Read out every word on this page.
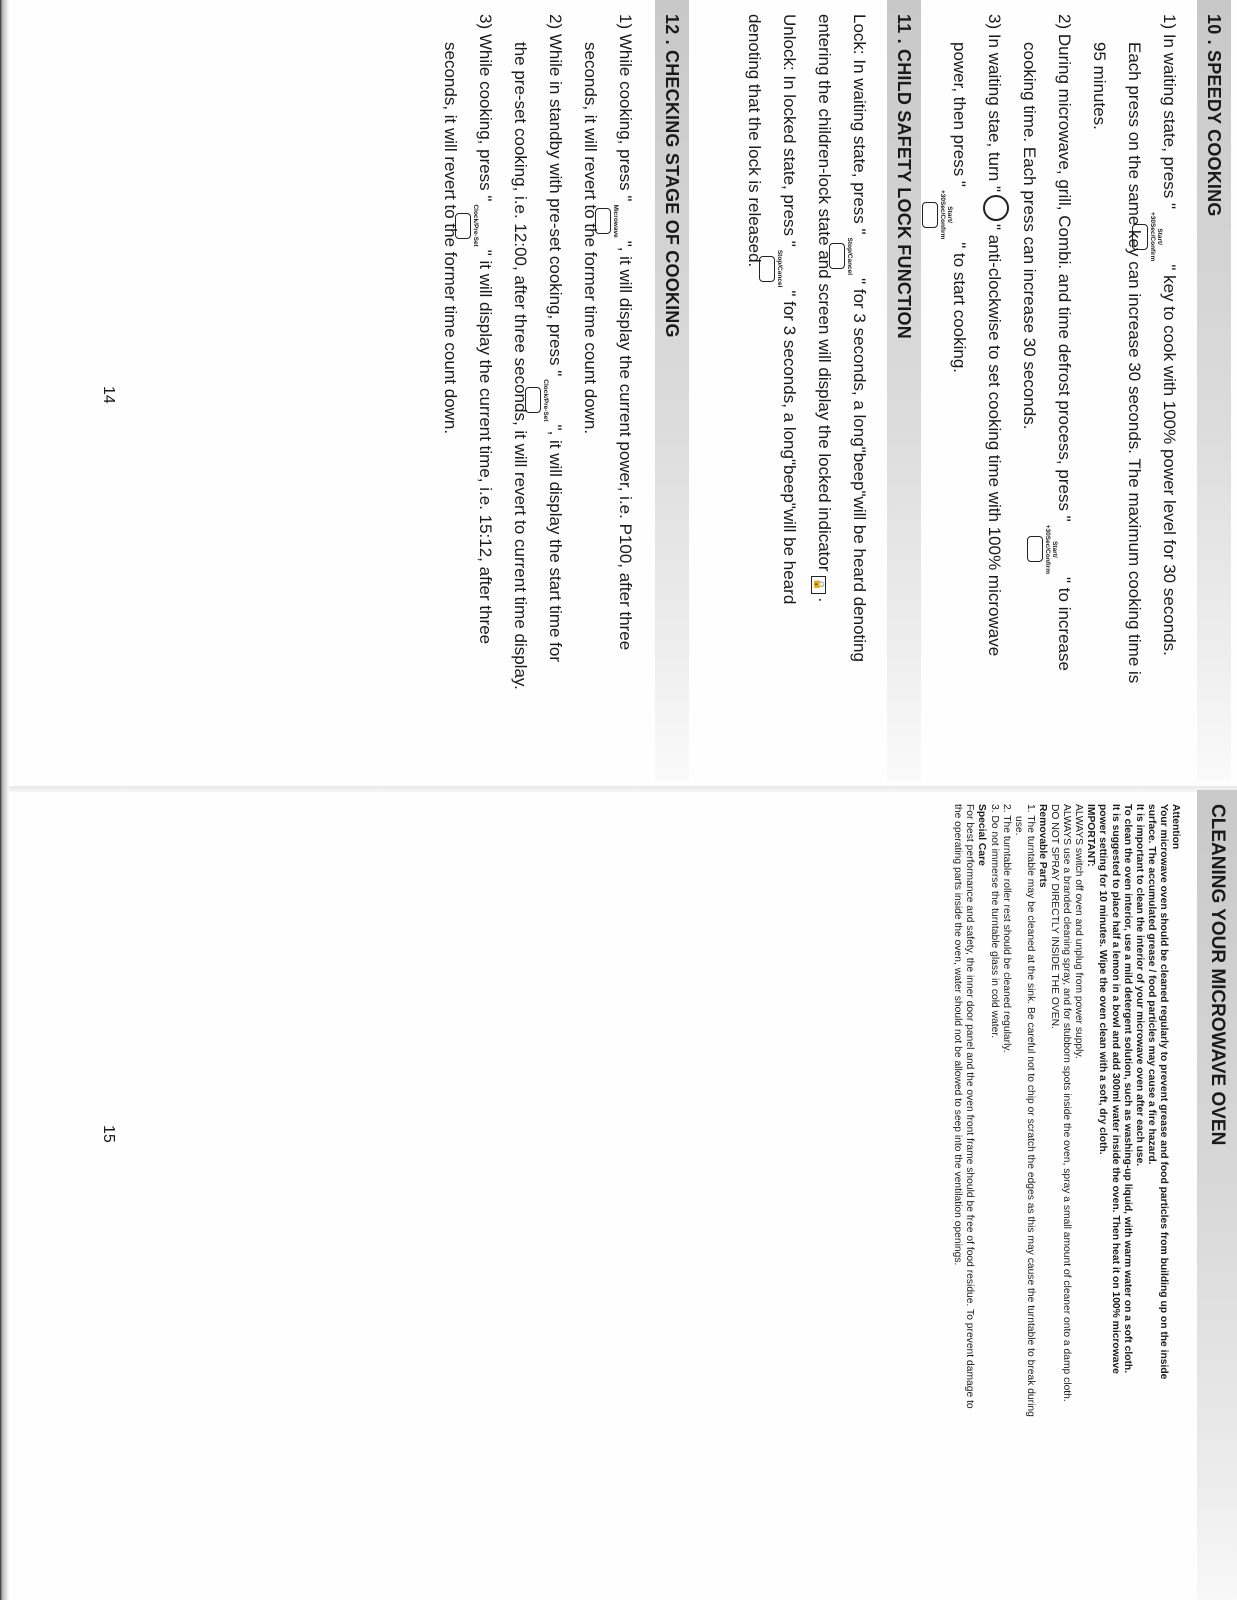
10 . SPEEDY COOKING
1) In waiting state, press "
Start/
+30Sec/Confirm
" key to cook with 100% power level for 30 seconds.
Each press on the same key can increase 30 seconds. The maximum cooking time is
95 minutes.
2) During microwave, grill, Combi. and time defrost process, press "
Start/
+30Sec/Confirm
" to increase
cooking time. Each press can increase 30 seconds.
3) In waiting stae, turn "" anti-clockwise to set cooking time with 100% microwave
power, then press "
Start/
+30Sec/Confirm
" to start cooking.
11 . CHILD SAFETY LOCK FUNCTION
Lock: In waiting state, press "
Stop/Cancel
" for 3 seconds, a long"beep"will be heard denoting
entering the children-lock state and screen will display the locked indicator🔒.
Unlock: In locked state, press "
Stop/Cancel
" for 3 seconds, a long"beep"will be heard
denoting that the lock is released.
12 . CHECKING STAGE OF COOKING
1) While cooking, press "
Microwave
", it will display the current power, i.e. P100, after three
seconds, it will revert to the former time count down.
2) While in standby with pre-set cooking, press "
Clock/Pre-Set
", it will display the start time for
the pre-set cooking, i.e. 12:00, after three seconds, it will revert to current time display.
3) While cooking, press "
Clock/Pre-Set
" it will display the current time, i.e. 15:12, after three
seconds, it will revert to the former time count down.
14
CLEANING YOUR MICROWAVE OVEN

Attention

Your microwave oven should be cleaned regularly to prevent grease and food particles from building up on the inside

surface. The accumulated grease / food particles may cause a fire hazard.

It is important to clean the interior of your microwave oven after each use.

To clean the oven interior, use a mild detergent solution, such as washing-up liquid, with warm water on a soft cloth.

It is suggested to place half a lemon in a bowl and add 300ml water inside the oven. Then heat it on 100% microwave

power setting for 10 minutes. Wipe the oven clean with a soft, dry cloth.

IMPORTANT:

ALWAYS switch off oven and unplug from power supply.

ALWAYS use a branded cleaning spray, and for stubborn spots inside the oven, spray a small amount of cleaner onto a damp cloth.

DO NOT SPRAY DIRECTLY INSIDE THE OVEN.

Removable Parts

1. The turntable may be cleaned at the sink. Be careful not to chip or scratch the edges as this may cause the turntable to break during

use.

2. The turntable roller rest should be cleaned regularly.

3. Do not immerse the turntable glass in cold water.

Special Care

For best performance and safety, the inner door panel and the oven front frame should be free of food residue. To prevent damage to

the operating parts inside the oven, water should not be allowed to seep into the ventilation openings.

15
